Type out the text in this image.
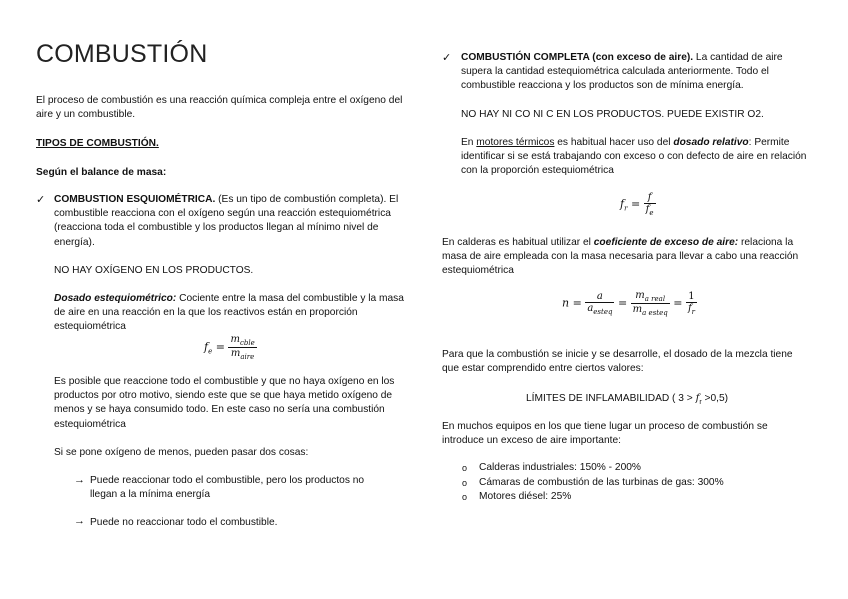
COMBUSTIÓN
El proceso de combustión es una reacción química compleja entre el oxígeno del aire y un combustible.
TIPOS DE COMBUSTIÓN.
Según el balance de masa:
✓ COMBUSTION ESQUIOMÉTRICA. (Es un tipo de combustión completa). El combustible reacciona con el oxígeno según una reacción estequiométrica (reacciona toda el combustible y los productos llegan al mínimo nivel de energía).
NO HAY OXÍGENO EN LOS PRODUCTOS.
Dosado estequiométrico: Cociente entre la masa del combustible y la masa de aire en una reacción en la que los reactivos están en proporción estequiométrica
$f_e = \frac{m_{cble}}{m_{aire}}$
Es posible que reaccione todo el combustible y que no haya oxígeno en los productos por otro motivo, siendo este que se que haya metido oxígeno de menos y se haya consumido todo. En este caso no sería una combustión estequiométrica
Si se pone oxígeno de menos, pueden pasar dos cosas:
→ Puede reaccionar todo el combustible, pero los productos no llegan a la mínima energía
→ Puede no reaccionar todo el combustible.
✓ COMBUSTIÓN COMPLETA (con exceso de aire). La cantidad de aire supera la cantidad estequiométrica calculada anteriormente. Todo el combustible reacciona y los productos son de mínima energía.
NO HAY NI CO NI C EN LOS PRODUCTOS. PUEDE EXISTIR O2.
En motores térmicos es habitual hacer uso del dosado relativo: Permite identificar si se está trabajando con exceso o con defecto de aire en relación con la proporción estequiométrica
$f_r = \frac{f}{f_e}$
En calderas es habitual utilizar el coeficiente de exceso de aire: relaciona la masa de aire empleada con la masa necesaria para llevar a cabo una reacción estequiométrica
$n = \frac{a}{a_{esteq}} = \frac{m_{a real}}{m_{a esteq}} = \frac{1}{f_r}$
Para que la combustión se inicie y se desarrolle, el dosado de la mezcla tiene que estar comprendido entre ciertos valores:
LÍMITES DE INFLAMABILIDAD ( $3 > f_r >0,5$)
En muchos equipos en los que tiene lugar un proceso de combustión se introduce un exceso de aire importante:
o Calderas industriales: 150% - 200%
o Cámaras de combustión de las turbinas de gas: 300%
o Motores diésel: 25%
